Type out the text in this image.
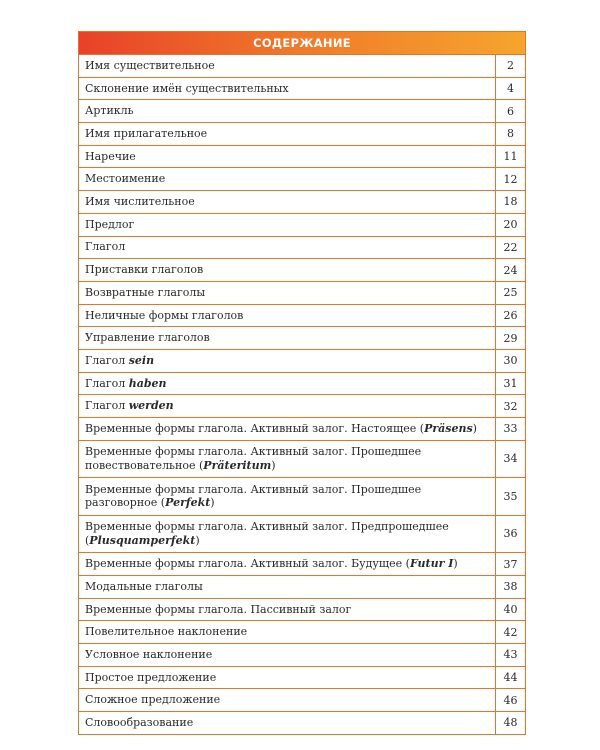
СОДЕРЖАНИЕ
Имя существительное	2
Склонение имён существительных	4
Артикль	6
Имя прилагательное	8
Наречие	11
Местоимение	12
Имя числительное	18
Предлог	20
Глагол	22
Приставки глаголов	24
Возвратные глаголы	25
Неличные формы глаголов	26
Управление глаголов	29
Глагол sein	30
Глагол haben	31
Глагол werden	32
Временные формы глагола. Активный залог. Настоящее (Präsens)	33
Временные формы глагола. Активный залог. Прошедшее повествовательное (Präteritum)	34
Временные формы глагола. Активный залог. Прошедшее разговорное (Perfekt)	35
Временные формы глагола. Активный залог. Предпрошедшее (Plusquamperfekt)	36
Временные формы глагола. Активный залог. Будущее (Futur I)	37
Модальные глаголы	38
Временные формы глагола. Пассивный залог	40
Повелительное наклонение	42
Условное наклонение	43
Простое предложение	44
Сложное предложение	46
Словообразование	48
